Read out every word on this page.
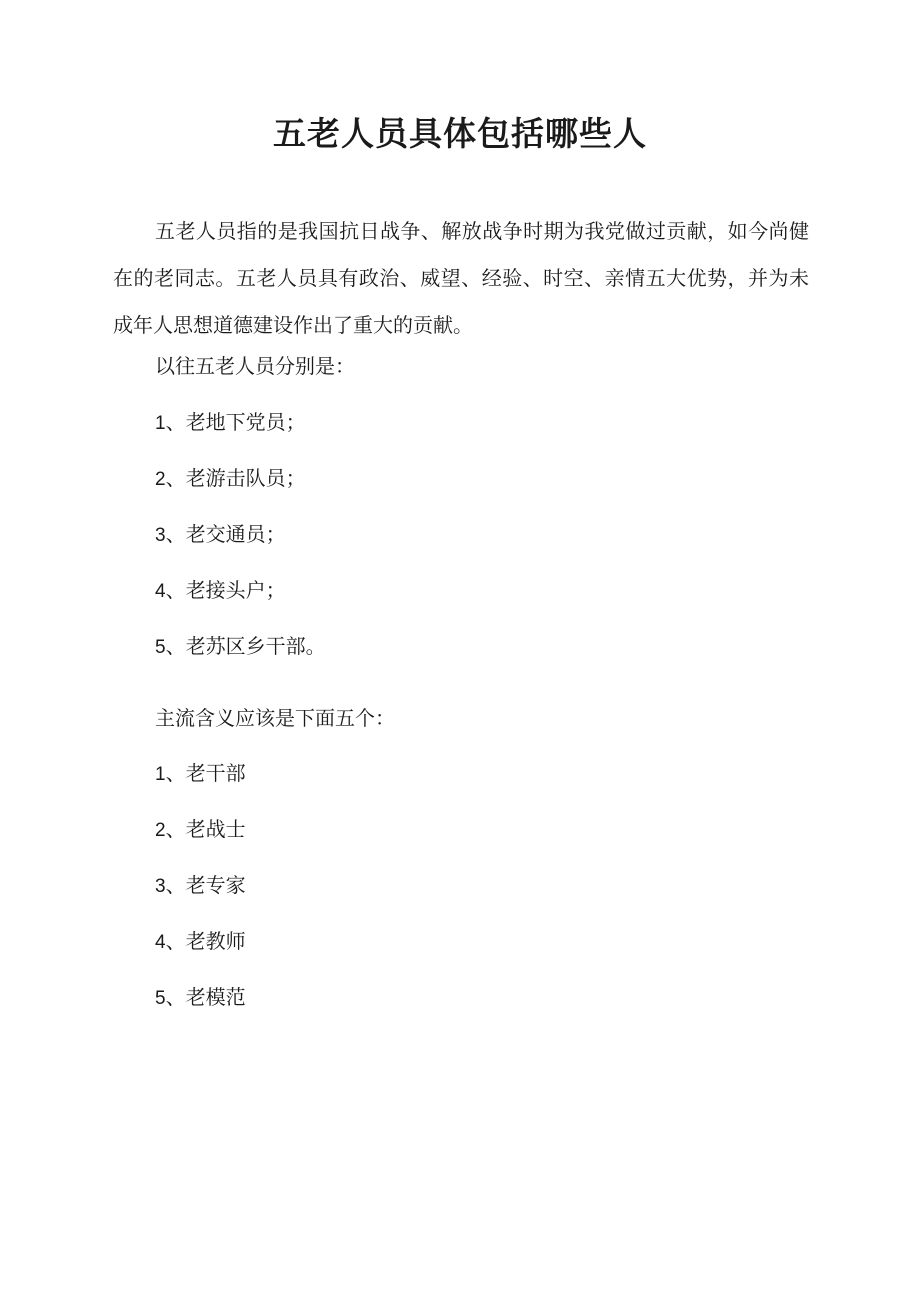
五老人员具体包括哪些人

五老人员指的是我国抗日战争、解放战争时期为我党做过贡献，如今尚健在的老同志。五老人员具有政治、威望、经验、时空、亲情五大优势，并为未成年人思想道德建设作出了重大的贡献。

以往五老人员分别是：

1、老地下党员；

2、老游击队员；

3、老交通员；

4、老接头户；

5、老苏区乡干部。

主流含义应该是下面五个：

1、老干部

2、老战士

3、老专家

4、老教师

5、老模范
